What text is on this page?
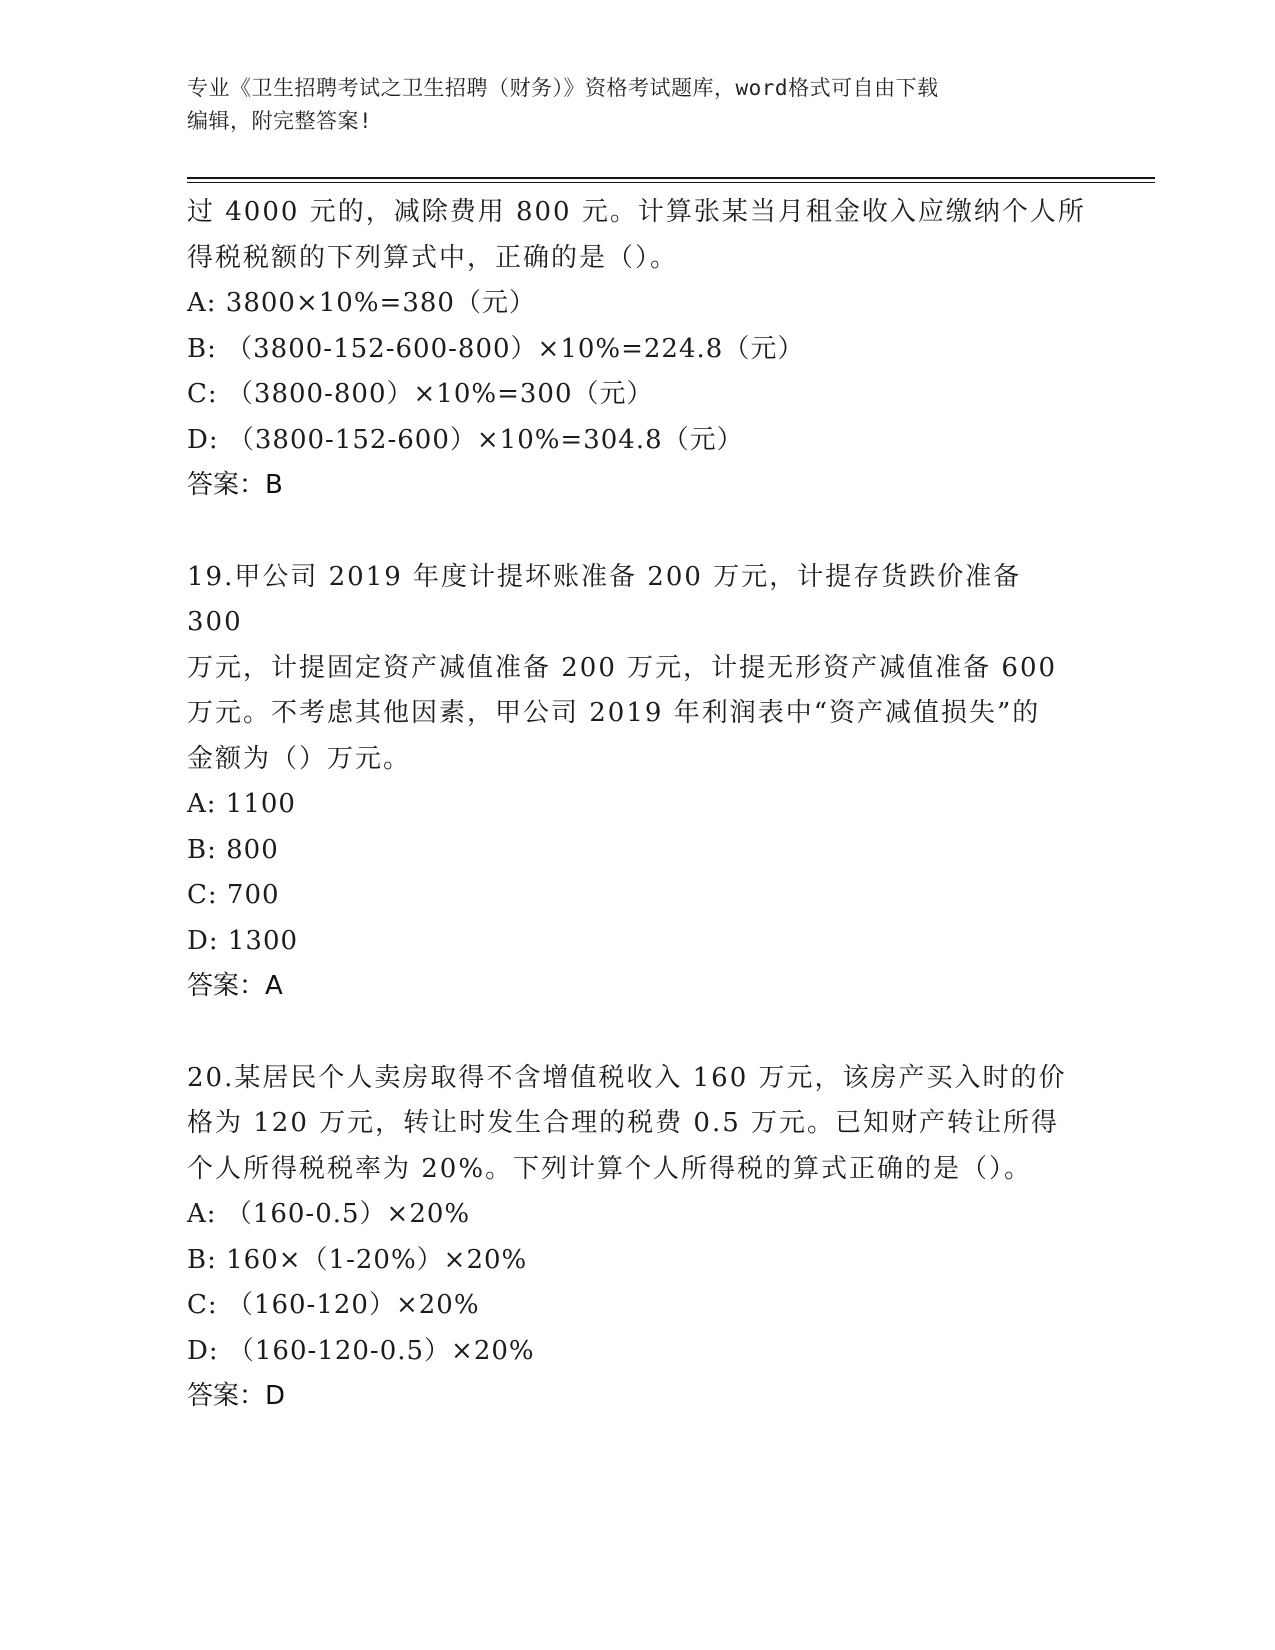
专业《卫生招聘考试之卫生招聘（财务）》资格考试题库，word格式可自由下载
编辑，附完整答案!

过 4000 元的，减除费用 800 元。计算张某当月租金收入应缴纳个人所

得税税额的下列算式中，正确的是（）。

A: 3800×10%=380（元）

B: （3800-152-600-800）×10%=224.8（元）

C: （3800-800）×10%=300（元）

D: （3800-152-600）×10%=304.8（元）

答案：B

19.甲公司 2019 年度计提坏账准备 200 万元，计提存货跌价准备 300

万元，计提固定资产减值准备 200 万元，计提无形资产减值准备 600

万元。不考虑其他因素，甲公司 2019 年利润表中“资产减值损失”的

金额为（）万元。

A: 1100

B: 800

C: 700

D: 1300

答案：A

20.某居民个人卖房取得不含增值税收入 160 万元，该房产买入时的价

格为 120 万元，转让时发生合理的税费 0.5 万元。已知财产转让所得

个人所得税税率为 20%。下列计算个人所得税的算式正确的是（）。

A: （160-0.5）×20%

B: 160×（1-20%）×20%

C: （160-120）×20%

D: （160-120-0.5）×20%

答案：D
